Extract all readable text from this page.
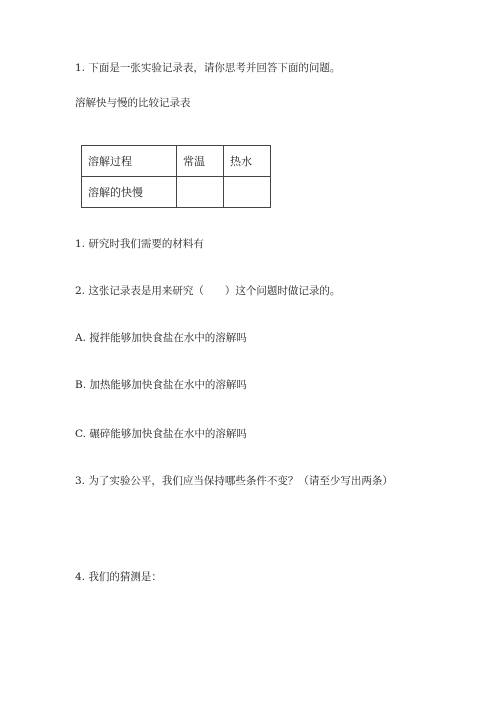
1. 下面是一张实验记录表，请你思考并回答下面的问题。
溶解快与慢的比较记录表
溶解过程	常温	热水
溶解的快慢		
1. 研究时我们需要的材料有
2. 这张记录表是用来研究（　　）这个问题时做记录的。
A. 搅拌能够加快食盐在水中的溶解吗
B. 加热能够加快食盐在水中的溶解吗
C. 碾碎能够加快食盐在水中的溶解吗
3. 为了实验公平，我们应当保持哪些条件不变？（请至少写出两条）
4. 我们的猜测是：
